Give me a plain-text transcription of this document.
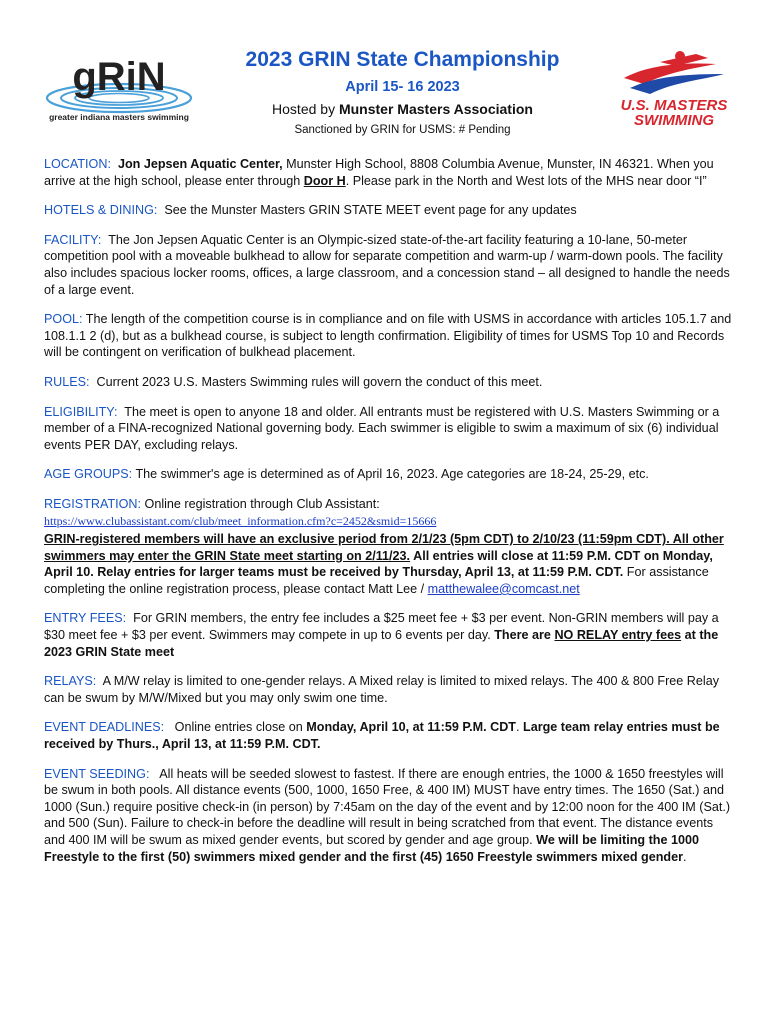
gRiN
greater indiana masters swimming
2023 GRIN State Championship
April 15- 16 2023
Hosted by Munster Masters Association
Sanctioned by GRIN for USMS: # Pending
U.S. MASTERS
SWIMMING

LOCATION: Jon Jepsen Aquatic Center, Munster High School, 8808 Columbia Avenue, Munster, IN 46321. When you arrive at the high school, please enter through Door H. Please park in the North and West lots of the MHS near door “I”

HOTELS & DINING: See the Munster Masters GRIN STATE MEET event page for any updates

FACILITY: The Jon Jepsen Aquatic Center is an Olympic-sized state-of-the-art facility featuring a 10-lane, 50-meter competition pool with a moveable bulkhead to allow for separate competition and warm-up / warm-down pools. The facility also includes spacious locker rooms, offices, a large classroom, and a concession stand – all designed to handle the needs of a large event.

POOL: The length of the competition course is in compliance and on file with USMS in accordance with articles 105.1.7 and 108.1.1 2 (d), but as a bulkhead course, is subject to length confirmation. Eligibility of times for USMS Top 10 and Records will be contingent on verification of bulkhead placement.

RULES: Current 2023 U.S. Masters Swimming rules will govern the conduct of this meet.

ELIGIBILITY: The meet is open to anyone 18 and older. All entrants must be registered with U.S. Masters Swimming or a member of a FINA-recognized National governing body. Each swimmer is eligible to swim a maximum of six (6) individual events PER DAY, excluding relays.

AGE GROUPS: The swimmer's age is determined as of April 16, 2023. Age categories are 18-24, 25-29, etc.

REGISTRATION: Online registration through Club Assistant:
https://www.clubassistant.com/club/meet_information.cfm?c=2452&smid=15666

GRIN-registered members will have an exclusive period from 2/1/23 (5pm CDT) to 2/10/23 (11:59pm CDT). All other swimmers may enter the GRIN State meet starting on 2/11/23. All entries will close at 11:59 P.M. CDT on Monday, April 10. Relay entries for larger teams must be received by Thursday, April 13, at 11:59 P.M. CDT. For assistance completing the online registration process, please contact Matt Lee / matthewalee@comcast.net

ENTRY FEES: For GRIN members, the entry fee includes a $25 meet fee + $3 per event. Non-GRIN members will pay a $30 meet fee + $3 per event. Swimmers may compete in up to 6 events per day. There are NO RELAY entry fees at the 2023 GRIN State meet

RELAYS: A M/W relay is limited to one-gender relays. A Mixed relay is limited to mixed relays. The 400 & 800 Free Relay can be swum by M/W/Mixed but you may only swim one time.

EVENT DEADLINES: Online entries close on Monday, April 10, at 11:59 P.M. CDT. Large team relay entries must be received by Thurs., April 13, at 11:59 P.M. CDT.

EVENT SEEDING: All heats will be seeded slowest to fastest. If there are enough entries, the 1000 & 1650 freestyles will be swum in both pools. All distance events (500, 1000, 1650 Free, & 400 IM) MUST have entry times. The 1650 (Sat.) and 1000 (Sun.) require positive check-in (in person) by 7:45am on the day of the event and by 12:00 noon for the 400 IM (Sat.) and 500 (Sun). Failure to check-in before the deadline will result in being scratched from that event. The distance events and 400 IM will be swum as mixed gender events, but scored by gender and age group. We will be limiting the 1000 Freestyle to the first (50) swimmers mixed gender and the first (45) 1650 Freestyle swimmers mixed gender.
